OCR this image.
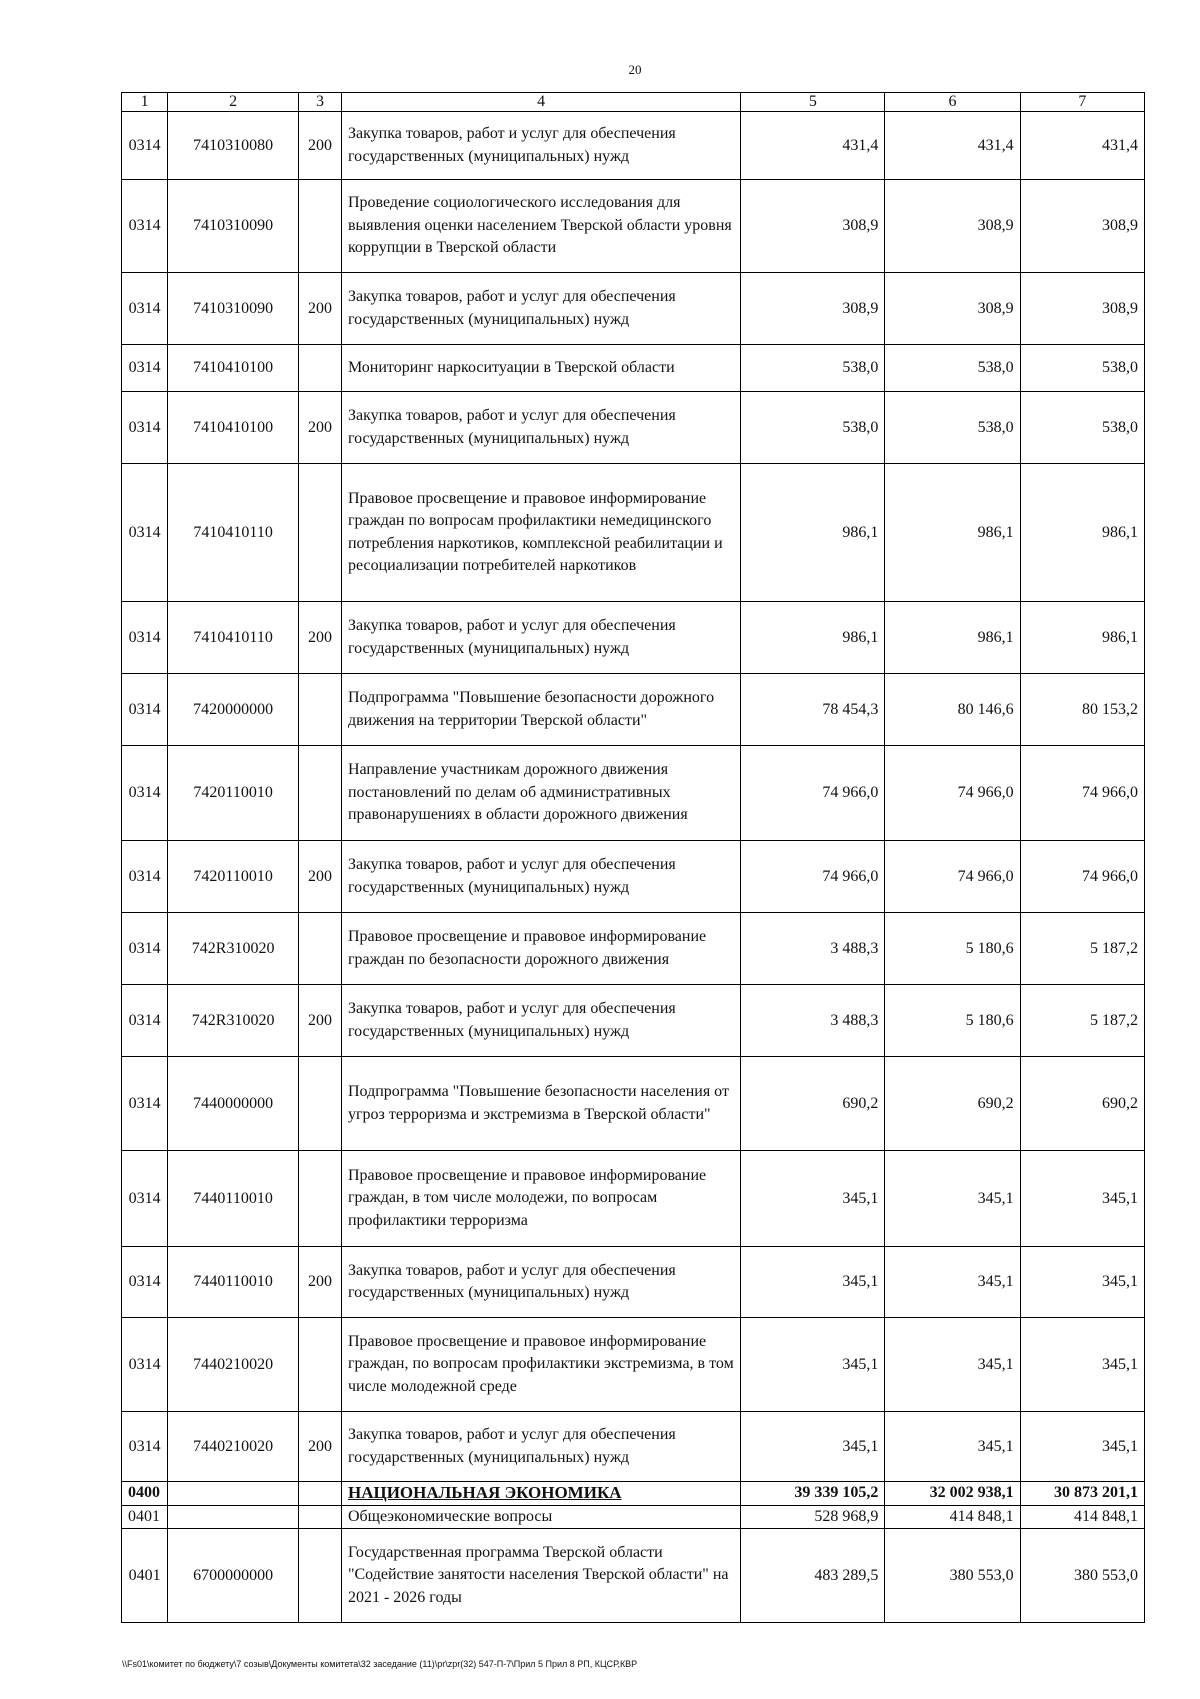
20
1	2	3	4	5	6	7
0314	7410310080	200	Закупка товаров, работ и услуг для обеспечения государственных (муниципальных) нужд	431,4	431,4	431,4
0314	7410310090		Проведение социологического исследования для выявления оценки населением Тверской области уровня коррупции в Тверской области	308,9	308,9	308,9
0314	7410310090	200	Закупка товаров, работ и услуг для обеспечения государственных (муниципальных) нужд	308,9	308,9	308,9
0314	7410410100		Мониторинг наркоситуации в Тверской области	538,0	538,0	538,0
0314	7410410100	200	Закупка товаров, работ и услуг для обеспечения государственных (муниципальных) нужд	538,0	538,0	538,0
0314	7410410110		Правовое просвещение и правовое информирование граждан по вопросам профилактики немедицинского потребления наркотиков, комплексной реабилитации и ресоциализации потребителей наркотиков	986,1	986,1	986,1
0314	7410410110	200	Закупка товаров, работ и услуг для обеспечения государственных (муниципальных) нужд	986,1	986,1	986,1
0314	7420000000		Подпрограмма "Повышение безопасности дорожного движения на территории Тверской области"	78 454,3	80 146,6	80 153,2
0314	7420110010		Направление участникам дорожного движения постановлений по делам об административных правонарушениях в области дорожного движения	74 966,0	74 966,0	74 966,0
0314	7420110010	200	Закупка товаров, работ и услуг для обеспечения государственных (муниципальных) нужд	74 966,0	74 966,0	74 966,0
0314	742R310020		Правовое просвещение и правовое информирование граждан по безопасности дорожного движения	3 488,3	5 180,6	5 187,2
0314	742R310020	200	Закупка товаров, работ и услуг для обеспечения государственных (муниципальных) нужд	3 488,3	5 180,6	5 187,2
0314	7440000000		Подпрограмма "Повышение безопасности населения от угроз терроризма и экстремизма в Тверской области"	690,2	690,2	690,2
0314	7440110010		Правовое просвещение и правовое информирование граждан, в том числе молодежи, по вопросам профилактики терроризма	345,1	345,1	345,1
0314	7440110010	200	Закупка товаров, работ и услуг для обеспечения государственных (муниципальных) нужд	345,1	345,1	345,1
0314	7440210020		Правовое просвещение и правовое информирование граждан, по вопросам профилактики экстремизма, в том числе молодежной среде	345,1	345,1	345,1
0314	7440210020	200	Закупка товаров, работ и услуг для обеспечения государственных (муниципальных) нужд	345,1	345,1	345,1
0400			НАЦИОНАЛЬНАЯ ЭКОНОМИКА	39 339 105,2	32 002 938,1	30 873 201,1
0401			Общеэкономические вопросы	528 968,9	414 848,1	414 848,1
0401	6700000000		Государственная программа Тверской области "Содействие занятости населения Тверской области" на 2021 - 2026 годы	483 289,5	380 553,0	380 553,0
\\Fs01\комитет по бюджету\7 созыв\Документы комитета\32 заседание (11)\pr\zpr(32) 547-П-7\Прил 5 Прил 8 РП, КЦСР,КВР
